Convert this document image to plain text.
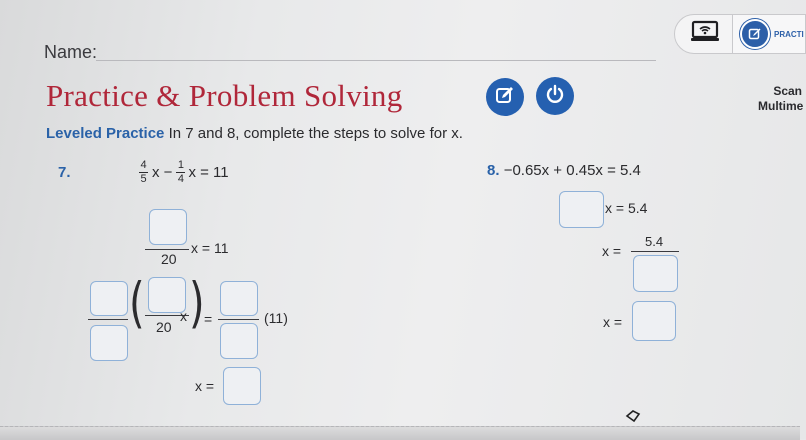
Name:
PRACTI
Practice & Problem Solving	Scan
Multime
Leveled Practice In 7 and 8, complete the steps to solve for x.
7.	$\frac{4}{5}$ $x - \frac{1}{4}$ x = 11
20
x = 11
( 20
x ) =	(11)
x =
8. −0.65x + 0.45x = 5.4
x = 5.4
x =
5.4
x =
